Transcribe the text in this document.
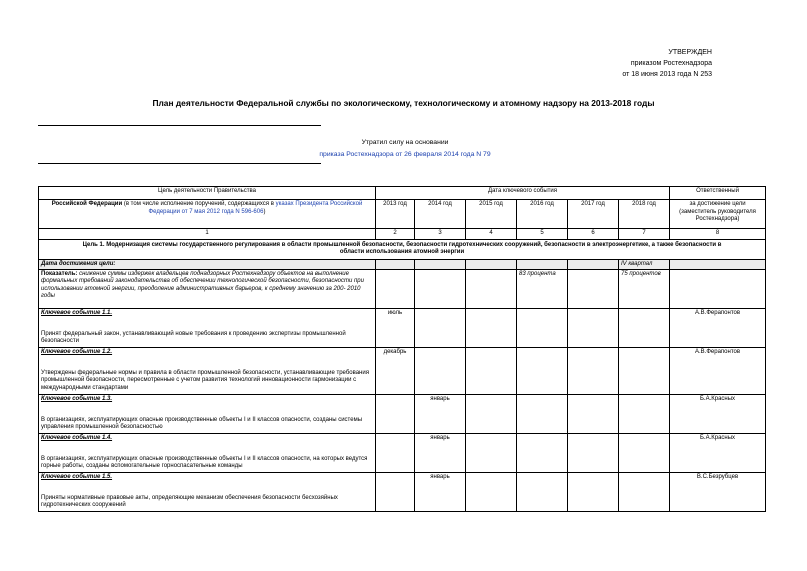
УТВЕРЖДЕН
приказом Ростехнадзора
от 18 июня 2013 года N 253
План деятельности Федеральной службы по экологическому, технологическому и атомному надзору на 2013-2018 годы
Утратил силу на основании
приказа Ростехнадзора от 26 февраля 2014 года N 79
Цель деятельности Правительства	Дата ключевого события						Ответственный
Российской Федерации (в том числе исполнение поручений, содержащихся в указах Президента Российской Федерации от 7 мая 2012 года N 596-606)	2013 год	2014 год	2015 год	2016 год	2017 год	2018 год	за достижение цели
(заместитель руководителя Ростехнадзора)

1	2	3	4	5	6	7	8
Цель 1. Модернизация системы государственного регулирования в области промышленной безопасности, безопасности гидротехнических сооружений, безопасности в электроэнергетике, а также безопасности в области использования атомной энергии							
Дата достижения цели:						IV квартал	
Показатель: снижение суммы издержек владельцев поднадзорных Ростехнадзору объектов на выполнение формальных требований законодательства об обеспечении технологической безопасности, безопасности при использовании атомной энергии, преодоление административных барьеров, к среднему значению за 200- 2010 годы				83 процента		75 процентов	

Ключевое событие 1.1.
Принят федеральный закон, устанавливающий новые требования к проведению экспертизы промышленной безопасности	июль						А.В.Ферапонтов

Ключевое событие 1.2.
Утверждены федеральные нормы и правила в области промышленной безопасности, устанавливающие требования промышленной безопасности, пересмотренные с учетом развития технологий инновационности гармонизации с международными стандартами	декабрь						А.В.Ферапонтов

Ключевое событие 1.3.
В организациях, эксплуатирующих опасные производственные объекты I и II классов опасности, созданы системы управления промышленной безопасностью		январь					Б.А.Красных

Ключевое событие 1.4.
В организациях, эксплуатирующих опасные производственные объекты I и II классов опасности, на которых ведутся горные работы, созданы вспомогательные горноспасательные команды		январь					Б.А.Красных

Ключевое событие 1.5.
Приняты нормативные правовые акты, определяющие механизм обеспечения безопасности бесхозяйных гидротехнических сооружений		январь					В.С.Безрубцев
